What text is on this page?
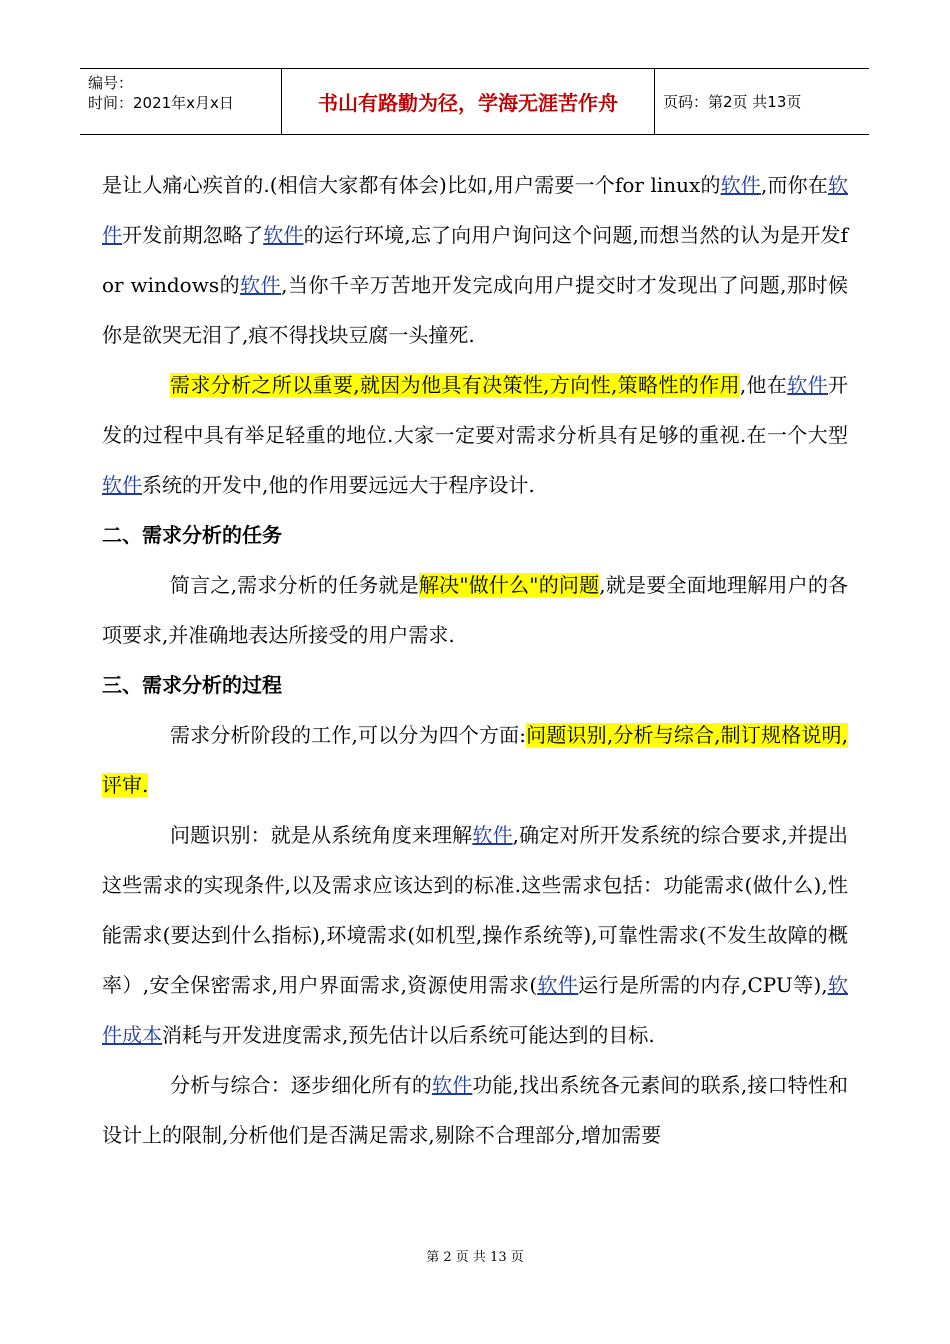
编号：
时间：2021年x月x日	书山有路勤为径，学海无涯苦作舟	页码：第2页 共13页

是让人痛心疾首的.(相信大家都有体会)比如,用户需要一个for linux的软件,而你在软件开发前期忽略了软件的运行环境,忘了向用户询问这个问题,而想当然的认为是开发for windows的软件,当你千辛万苦地开发完成向用户提交时才发现出了问题,那时候你是欲哭无泪了,痕不得找块豆腐一头撞死.

需求分析之所以重要,就因为他具有决策性,方向性,策略性的作用,他在软件开发的过程中具有举足轻重的地位.大家一定要对需求分析具有足够的重视.在一个大型软件系统的开发中,他的作用要远远大于程序设计.

二、需求分析的任务

简言之,需求分析的任务就是解决"做什么"的问题,就是要全面地理解用户的各项要求,并准确地表达所接受的用户需求.

三、需求分析的过程

需求分析阶段的工作,可以分为四个方面:问题识别,分析与综合,制订规格说明,评审.

问题识别：就是从系统角度来理解软件,确定对所开发系统的综合要求,并提出这些需求的实现条件,以及需求应该达到的标准.这些需求包括：功能需求(做什么),性能需求(要达到什么指标),环境需求(如机型,操作系统等),可靠性需求(不发生故障的概率）,安全保密需求,用户界面需求,资源使用需求(软件运行是所需的内存,CPU等),软件成本消耗与开发进度需求,预先估计以后系统可能达到的目标.

分析与综合：逐步细化所有的软件功能,找出系统各元素间的联系,接口特性和设计上的限制,分析他们是否满足需求,剔除不合理部分,增加需要

第 2 页 共 13 页
